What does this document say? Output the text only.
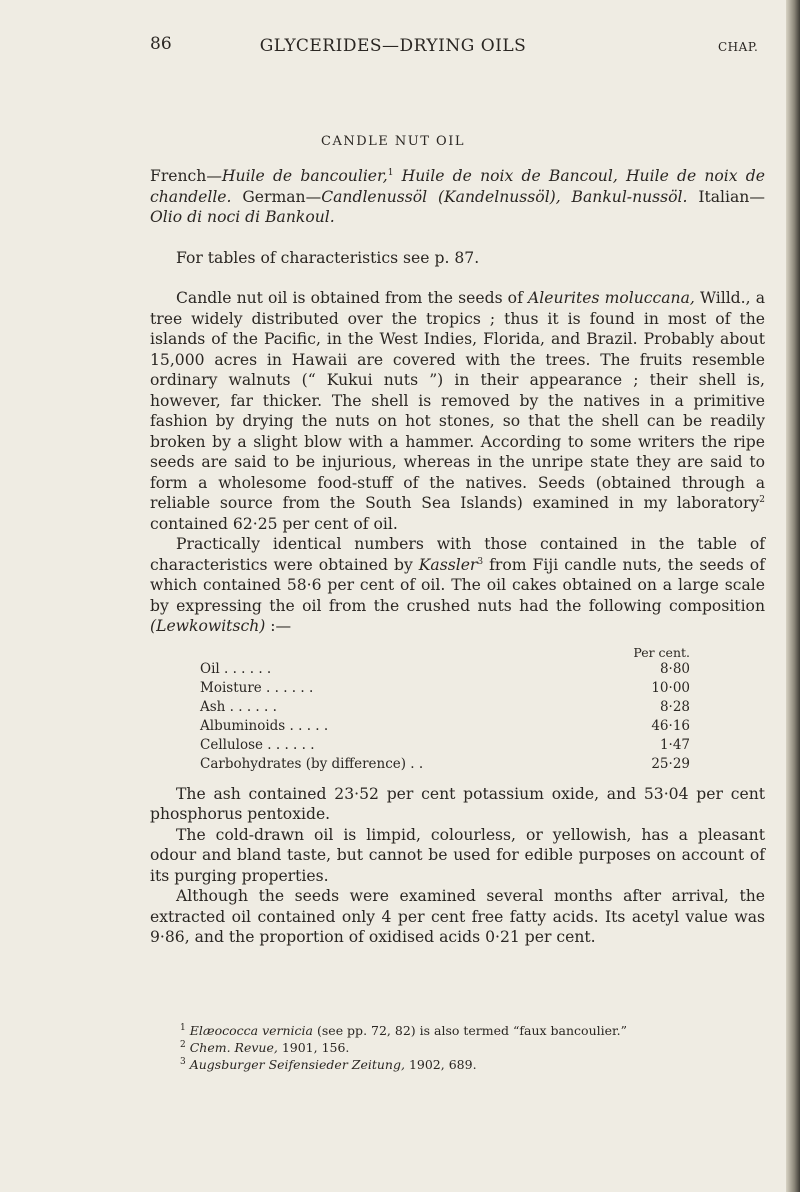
86	GLYCERIDES—DRYING OILS	CHAP.
CANDLE NUT OIL

French—Huile de bancoulier,$^1$ Huile de noix de Bancoul, Huile de noix de chandelle. German—Candlenussöl (Kandelnussöl), Bankul-nussöl. Italian—Olio di noci di Bankoul.

For tables of characteristics see p. 87.

Candle nut oil is obtained from the seeds of Aleurites moluccana, Willd., a tree widely distributed over the tropics ; thus it is found in most of the islands of the Pacific, in the West Indies, Florida, and Brazil. Probably about 15,000 acres in Hawaii are covered with the trees. The fruits resemble ordinary walnuts (“ Kukui nuts ”) in their appearance ; their shell is, however, far thicker. The shell is removed by the natives in a primitive fashion by drying the nuts on hot stones, so that the shell can be readily broken by a slight blow with a hammer. According to some writers the ripe seeds are said to be injurious, whereas in the unripe state they are said to form a wholesome food-stuff of the natives. Seeds (obtained through a reliable source from the South Sea Islands) examined in my laboratory$^2$ contained 62·25 per cent of oil.

Practically identical numbers with those contained in the table of characteristics were obtained by Kassler$^3$ from Fiji candle nuts, the seeds of which contained 58·6 per cent of oil. The oil cakes obtained on a large scale by expressing the oil from the crushed nuts had the following composition (Lewkowitsch) :—

Per cent.
Oil . . . . . .	8·80
Moisture . . . . . .	10·00
Ash . . . . . .	8·28
Albuminoids . . . . .	46·16
Cellulose . . . . . .	1·47
Carbohydrates (by difference) . .	25·29

The ash contained 23·52 per cent potassium oxide, and 53·04 per cent phosphorus pentoxide.

The cold-drawn oil is limpid, colourless, or yellowish, has a pleasant odour and bland taste, but cannot be used for edible purposes on account of its purging properties.

Although the seeds were examined several months after arrival, the extracted oil contained only 4 per cent free fatty acids. Its acetyl value was 9·86, and the proportion of oxidised acids 0·21 per cent.

$^1$ Elæococca vernicia (see pp. 72, 82) is also termed “faux bancoulier.”
$^2$ Chem. Revue, 1901, 156.
$^3$ Augsburger Seifensieder Zeitung, 1902, 689.
